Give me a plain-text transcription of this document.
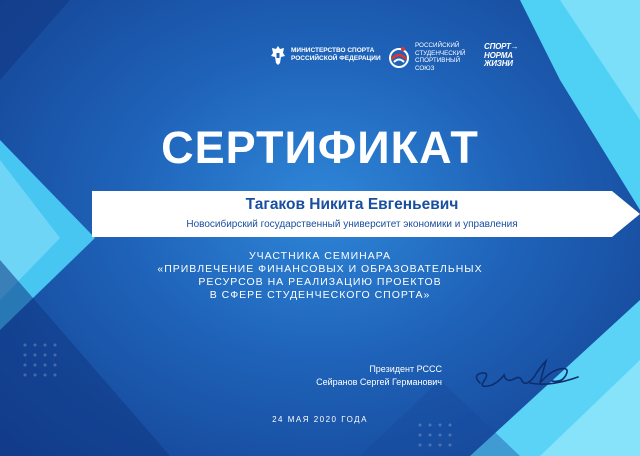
МИНИСТЕРСТВО СПОРТА
РОССИЙСКОЙ ФЕДЕРАЦИИ
РОССИЙСКИЙ
СТУДЕНЧЕСКИЙ
СПОРТИВНЫЙ
СОЮЗ
СПОРТ→
НОРМА
ЖИЗНИ
СЕРТИФИКАТ
Тагаков Никита Евгеньевич
Новосибирский государственный университет экономики и управления
УЧАСТНИКА СЕМИНАРА
«ПРИВЛЕЧЕНИЕ ФИНАНСОВЫХ И ОБРАЗОВАТЕЛЬНЫХ
РЕСУРСОВ НА РЕАЛИЗАЦИЮ ПРОЕКТОВ
В СФЕРЕ СТУДЕНЧЕСКОГО СПОРТА»
Президент РССС
Сейранов Сергей Германович
24 МАЯ 2020 ГОДА
